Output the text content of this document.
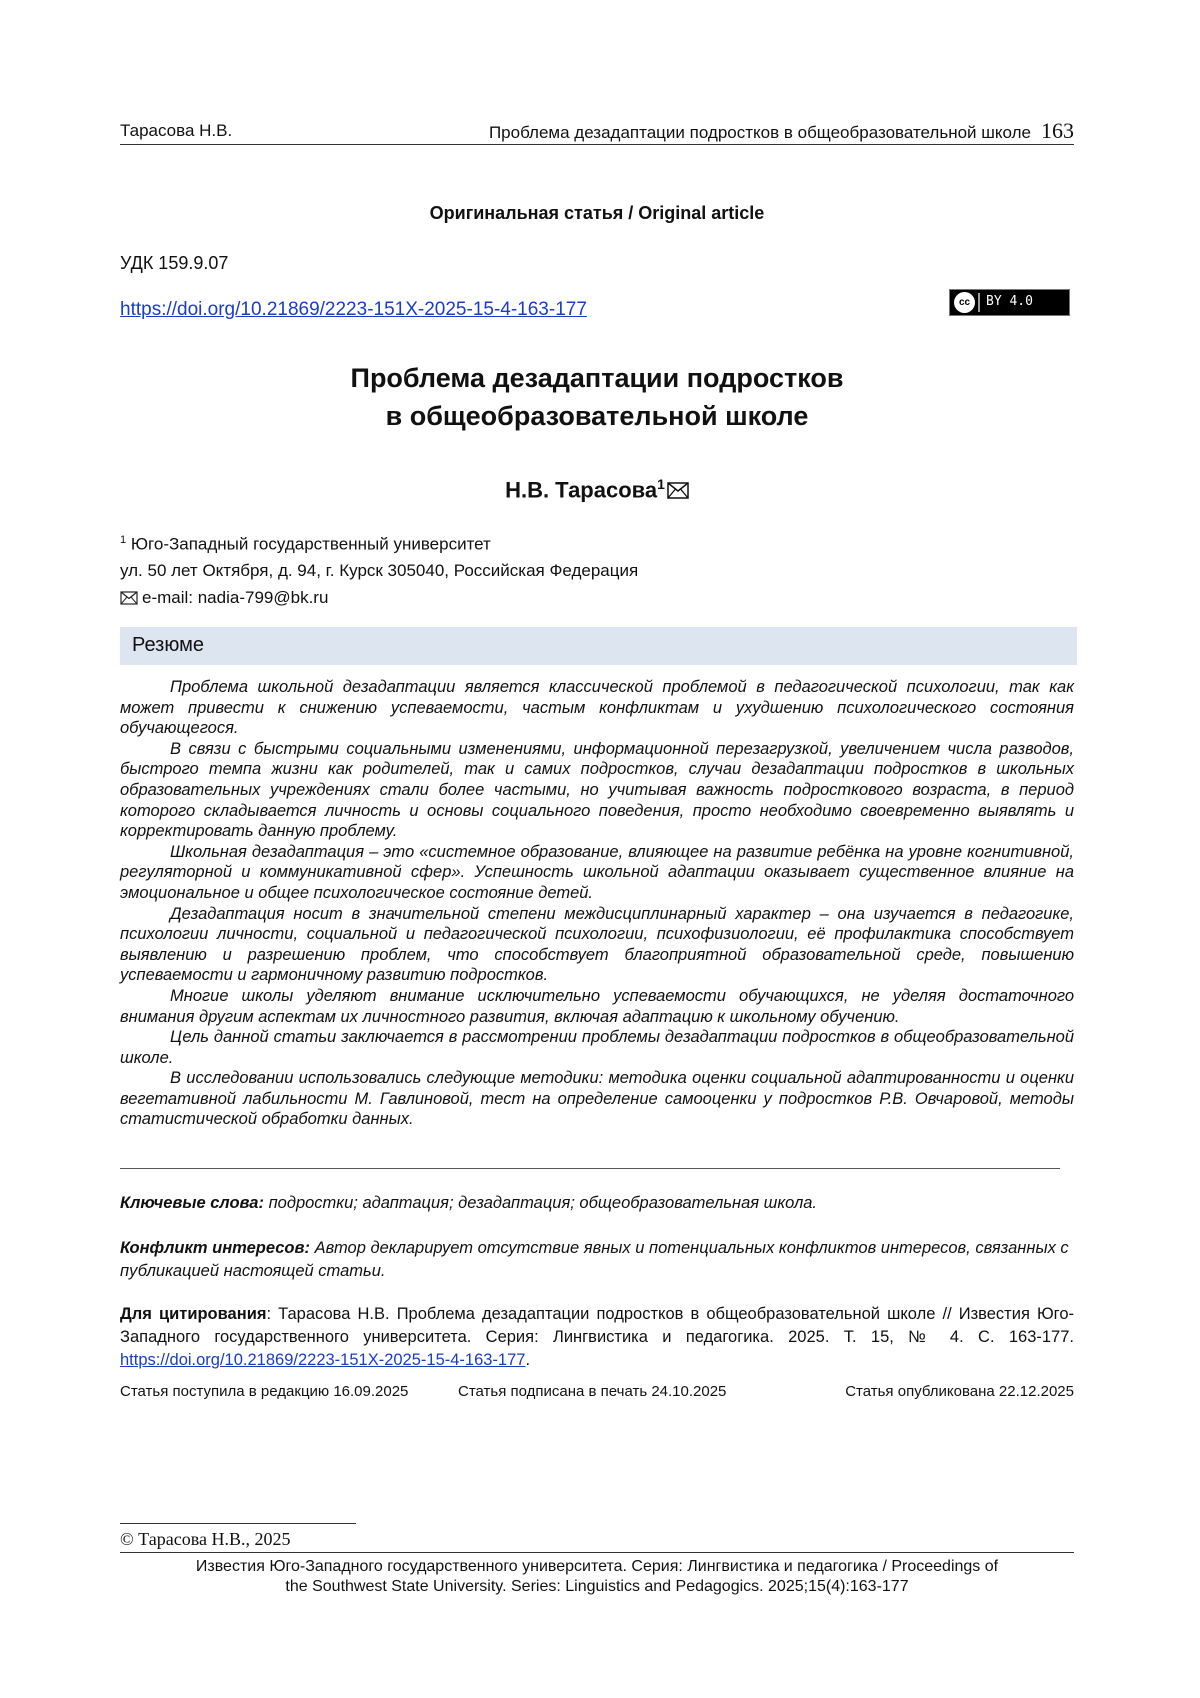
Тарасова Н.В.	Проблема дезадаптации подростков в общеобразовательной школе 163
Оригинальная статья / Original article
УДК 159.9.07
https://doi.org/10.21869/2223-151X-2025-15-4-163-177	cc	BY 4.0
Проблема дезадаптации подростков
в общеобразовательной школе
Н.В. Тарасова$^1$
$^1$ Юго-Западный государственный университет
ул. 50 лет Октября, д. 94, г. Курск 305040, Российская Федерация
e-mail: nadia-799@bk.ru
Резюме

Проблема школьной дезадаптации является классической проблемой в педагогической психологии, так как может привести к снижению успеваемости, частым конфликтам и ухудшению психологического состояния обучающегося.

В связи с быстрыми социальными изменениями, информационной перезагрузкой, увеличением числа разводов, быстрого темпа жизни как родителей, так и самих подростков, случаи дезадаптации подростков в школьных образовательных учреждениях стали более частыми, но учитывая важность подросткового возраста, в период которого складывается личность и основы социального поведения, просто необходимо своевременно выявлять и корректировать данную проблему.

Школьная дезадаптация – это «системное образование, влияющее на развитие ребёнка на уровне когнитивной, регуляторной и коммуникативной сфер». Успешность школьной адаптации оказывает существенное влияние на эмоциональное и общее психологическое состояние детей.

Дезадаптация носит в значительной степени междисциплинарный характер – она изучается в педагогике, психологии личности, социальной и педагогической психологии, психофизиологии, её профилактика способствует выявлению и разрешению проблем, что способствует благоприятной образовательной среде, повышению успеваемости и гармоничному развитию подростков.

Многие школы уделяют внимание исключительно успеваемости обучающихся, не уделяя достаточного внимания другим аспектам их личностного развития, включая адаптацию к школьному обучению.

Цель данной статьи заключается в рассмотрении проблемы дезадаптации подростков в общеобразовательной школе.

В исследовании использовались следующие методики: методика оценки социальной адаптированности и оценки вегетативной лабильности М. Гавлиновой, тест на определение самооценки у подростков Р.В. Овчаровой, методы статистической обработки данных.

Ключевые слова: подростки; адаптация; дезадаптация; общеобразовательная школа.
Конфликт интересов: Автор декларирует отсутствие явных и потенциальных конфликтов интересов, связанных с публикацией настоящей статьи.
Для цитирования: Тарасова Н.В. Проблема дезадаптации подростков в общеобразовательной школе // Известия Юго-Западного государственного университета. Серия: Лингвистика и педагогика. 2025. Т. 15, № 4. С. 163-177. https://doi.org/10.21869/2223-151X-2025-15-4-163-177.
Статья поступила в редакцию 16.09.2025	Статья подписана в печать 24.10.2025	Статья опубликована 22.12.2025
© Тарасова Н.В., 2025
Известия Юго-Западного государственного университета. Серия: Лингвистика и педагогика / Proceedings of
the Southwest State University. Series: Linguistics and Pedagogics. 2025;15(4):163-177
